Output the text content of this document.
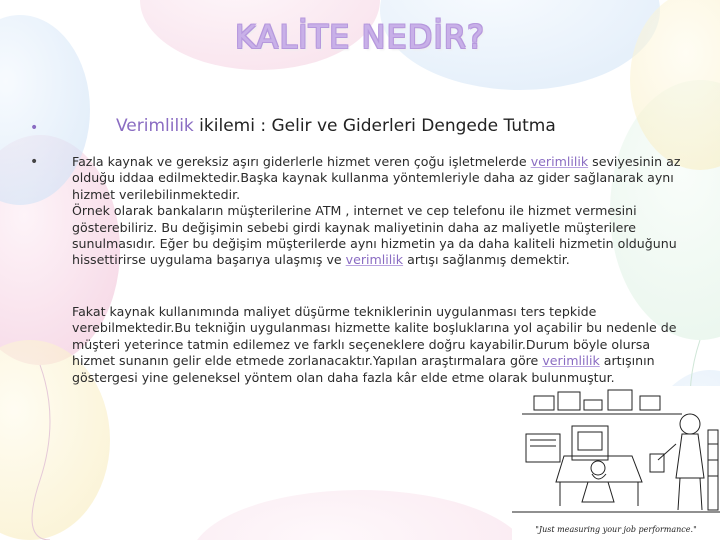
KALİTE NEDİR?
•	Verimlilik ikilemi : Gelir ve Giderleri Dengede Tutma
•	Fazla kaynak ve gereksiz aşırı giderlerle hizmet veren çoğu işletmelerde verimlilik seviyesinin az olduğu iddaa edilmektedir.Başka kaynak kullanma yöntemleriyle daha az gider sağlanarak aynı hizmet verilebilinmektedir.
Örnek olarak bankaların müşterilerine ATM , internet ve cep telefonu ile hizmet vermesini gösterebiliriz. Bu değişimin sebebi girdi kaynak maliyetinin daha az maliyetle müşterilere sunulmasıdır. Eğer bu değişim müşterilerde aynı hizmetin ya da daha kaliteli hizmetin olduğunu hissettirirse uygulama başarıya ulaşmış ve verimlilik artışı sağlanmış demektir.

Fakat kaynak kullanımında maliyet düşürme tekniklerinin uygulanması ters tepkide verebilmektedir.Bu tekniğin uygulanması hizmette kalite boşluklarına yol açabilir bu nedenle de müşteri yeterince tatmin edilemez ve farklı seçeneklere doğru kayabilir.Durum böyle olursa hizmet sunanın gelir elde etmede zorlanacaktır.Yapılan araştırmalara göre verimlilik artışının göstergesi yine geleneksel yöntem olan daha fazla kâr elde etme olarak bulunmuştur.

"Just measuring your job performance."
